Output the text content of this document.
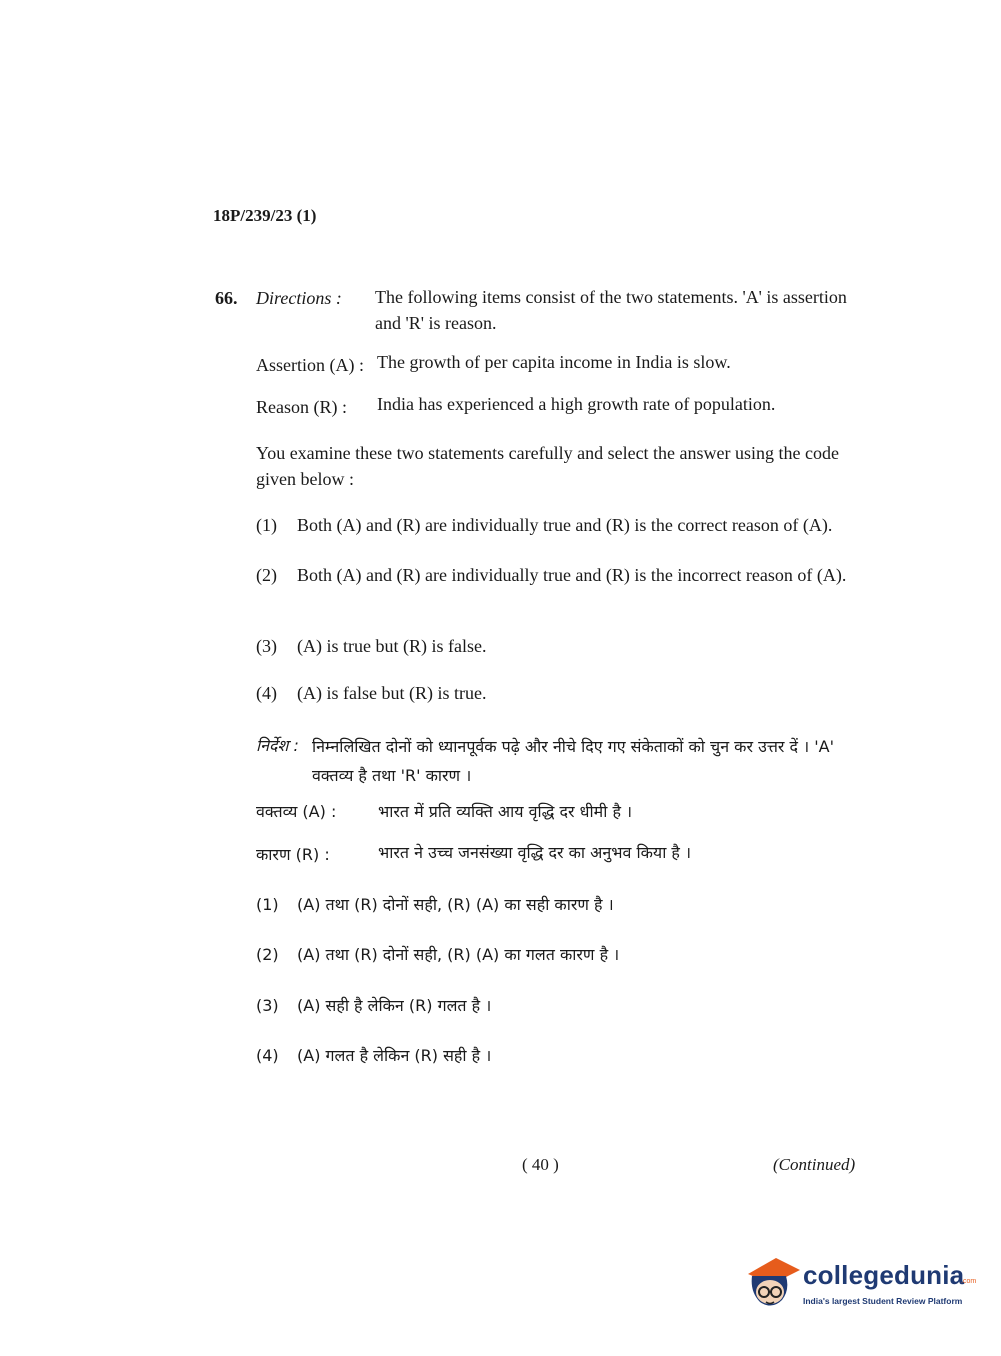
18P/239/23 (1)
66. Directions : The following items consist of the two statements. 'A' is assertion and 'R' is reason.
Assertion (A) : The growth of per capita income in India is slow.
Reason (R) : India has experienced a high growth rate of population.
You examine these two statements carefully and select the answer using the code given below :
(1) Both (A) and (R) are individually true and (R) is the correct reason of (A).
(2) Both (A) and (R) are individually true and (R) is the incorrect reason of (A).
(3) (A) is true but (R) is false.
(4) (A) is false but (R) is true.
निर्देश : निम्नलिखित दोनों को ध्यानपूर्वक पढ़े और नीचे दिए गए संकेताकों को चुन कर उत्तर दें । 'A' वक्तव्य है तथा 'R' कारण ।
वक्तव्य (A) :	भारत में प्रति व्यक्ति आय वृद्धि दर धीमी है ।
कारण (R) :	भारत ने उच्च जनसंख्या वृद्धि दर का अनुभव किया है ।
(1) (A) तथा (R) दोनों सही, (R) (A) का सही कारण है ।
(2) (A) तथा (R) दोनों सही, (R) (A) का गलत कारण है ।
(3) (A) सही है लेकिन (R) गलत है ।
(4) (A) गलत है लेकिन (R) सही है ।
( 40 )	(Continued)
collegedunia
.com
India's largest Student Review Platform
